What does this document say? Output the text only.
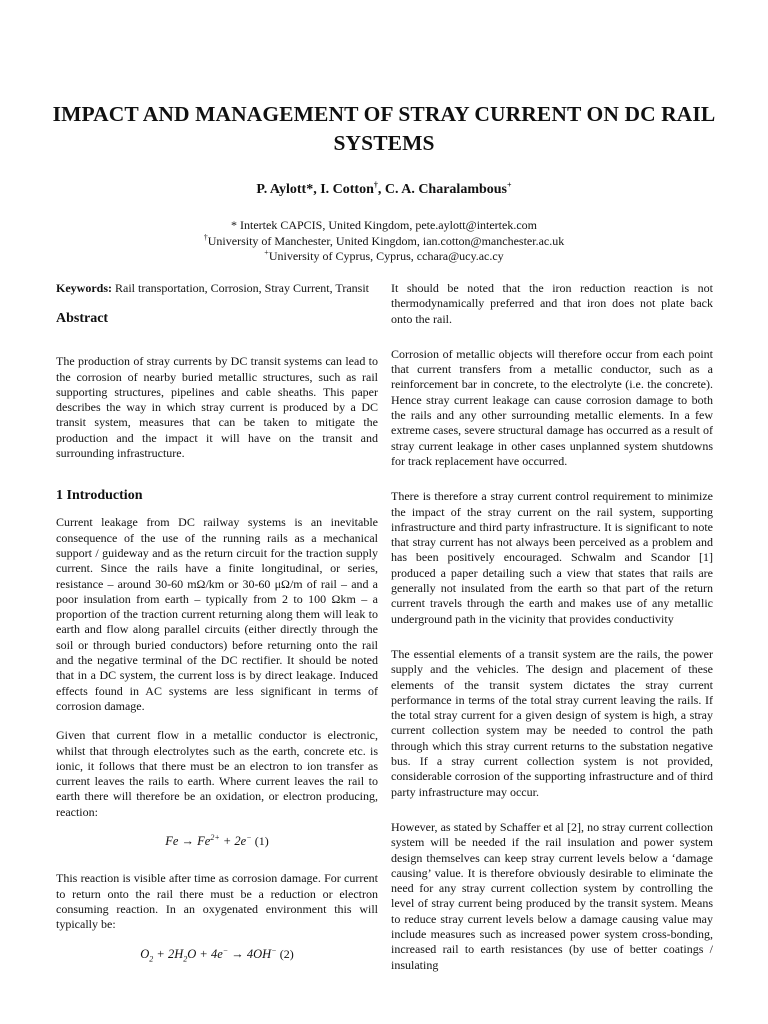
IMPACT AND MANAGEMENT OF STRAY CURRENT ON DC RAIL SYSTEMS
P. Aylott*, I. Cotton†, C. A. Charalambous+
* Intertek CAPCIS, United Kingdom, pete.aylott@intertek.com
†University of Manchester, United Kingdom, ian.cotton@manchester.ac.uk
+University of Cyprus, Cyprus, cchara@ucy.ac.cy

Keywords: Rail transportation, Corrosion, Stray Current, Transit

Abstract

The production of stray currents by DC transit systems can lead to the corrosion of nearby buried metallic structures, such as rail supporting structures, pipelines and cable sheaths. This paper describes the way in which stray current is produced by a DC transit system, measures that can be taken to mitigate the production and the impact it will have on the transit and surrounding infrastructure.

1 Introduction

Current leakage from DC railway systems is an inevitable consequence of the use of the running rails as a mechanical support / guideway and as the return circuit for the traction supply current. Since the rails have a finite longitudinal, or series, resistance – around 30-60 mΩ/km or 30-60 μΩ/m of rail – and a poor insulation from earth – typically from 2 to 100 Ωkm – a proportion of the traction current returning along them will leak to earth and flow along parallel circuits (either directly through the soil or through buried conductors) before returning onto the rail and the negative terminal of the DC rectifier. It should be noted that in a DC system, the current loss is by direct leakage. Induced effects found in AC systems are less significant in terms of corrosion damage.

Given that current flow in a metallic conductor is electronic, whilst that through electrolytes such as the earth, concrete etc. is ionic, it follows that there must be an electron to ion transfer as current leaves the rails to earth. Where current leaves the rail to earth there will therefore be an oxidation, or electron producing, reaction:

$Fe \to Fe^{2+} + 2e^-$ (1)

This reaction is visible after time as corrosion damage. For current to return onto the rail there must be a reduction or electron consuming reaction. In an oxygenated environment this will typically be:

$O_2 + 2H_2O + 4e^- \to 4OH^-$ (2)

It should be noted that the iron reduction reaction is not thermodynamically preferred and that iron does not plate back onto the rail.

Corrosion of metallic objects will therefore occur from each point that current transfers from a metallic conductor, such as a reinforcement bar in concrete, to the electrolyte (i.e. the concrete). Hence stray current leakage can cause corrosion damage to both the rails and any other surrounding metallic elements. In a few extreme cases, severe structural damage has occurred as a result of stray current leakage in other cases unplanned system shutdowns for track replacement have occurred.

There is therefore a stray current control requirement to minimize the impact of the stray current on the rail system, supporting infrastructure and third party infrastructure. It is significant to note that stray current has not always been perceived as a problem and has been positively encouraged. Schwalm and Scandor [1] produced a paper detailing such a view that states that rails are generally not insulated from the earth so that part of the return current travels through the earth and makes use of any metallic underground path in the vicinity that provides conductivity

The essential elements of a transit system are the rails, the power supply and the vehicles. The design and placement of these elements of the transit system dictates the stray current performance in terms of the total stray current leaving the rails. If the total stray current for a given design of system is high, a stray current collection system may be needed to control the path through which this stray current returns to the substation negative bus. If a stray current collection system is not provided, considerable corrosion of the supporting infrastructure and of third party infrastructure may occur.

However, as stated by Schaffer et al [2], no stray current collection system will be needed if the rail insulation and power system design themselves can keep stray current levels below a ‘damage causing’ value. It is therefore obviously desirable to eliminate the need for any stray current collection system by controlling the level of stray current being produced by the transit system. Means to reduce stray current levels below a damage causing value may include measures such as increased power system cross-bonding, increased rail to earth resistances (by use of better coatings / insulating
